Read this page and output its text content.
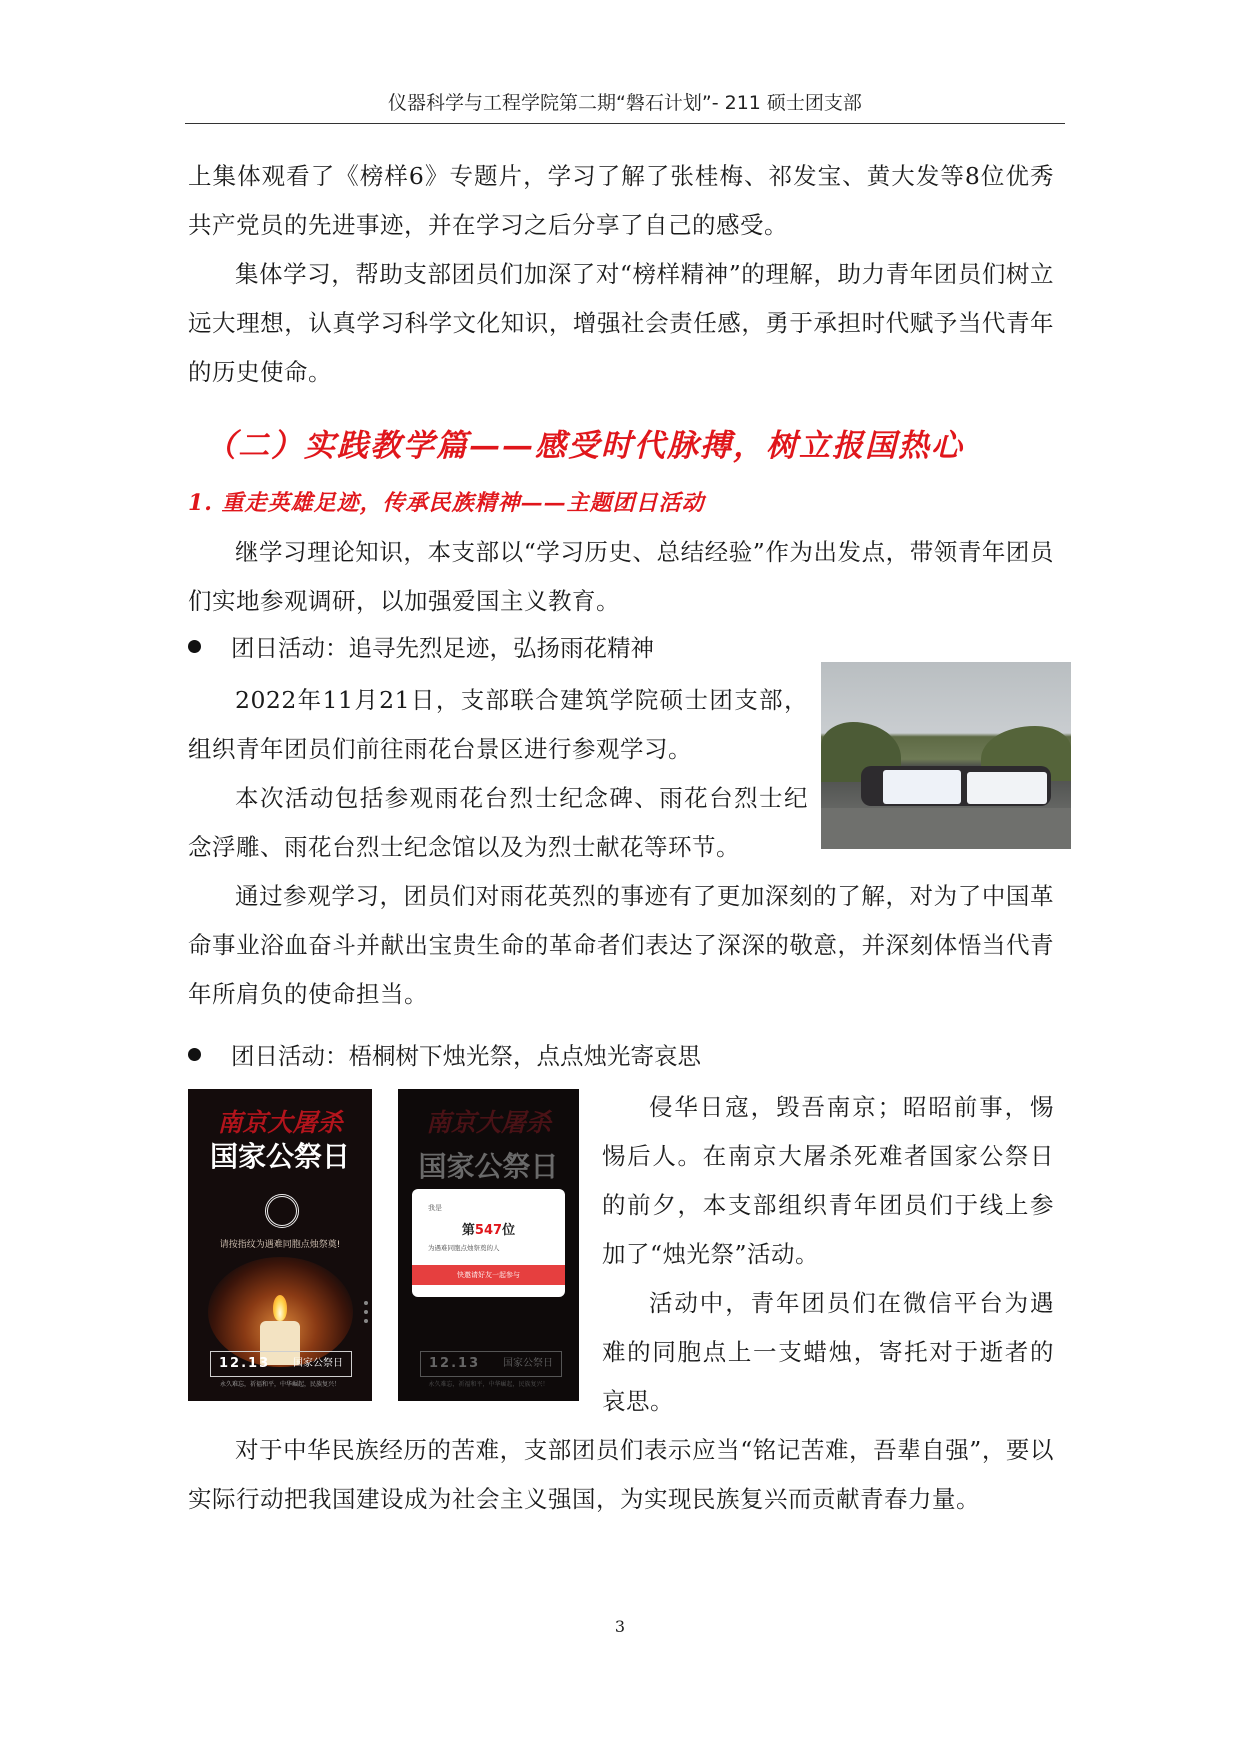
仪器科学与工程学院第二期“磐石计划”- 211 硕士团支部

上集体观看了《榜样6》专题片，学习了解了张桂梅、祁发宝、黄大发等8位优秀共产党员的先进事迹，并在学习之后分享了自己的感受。

集体学习，帮助支部团员们加深了对“榜样精神”的理解，助力青年团员们树立远大理想，认真学习科学文化知识，增强社会责任感，勇于承担时代赋予当代青年的历史使命。

（二）实践教学篇——感受时代脉搏，树立报国热心
1. 重走英雄足迹，传承民族精神——主题团日活动

继学习理论知识，本支部以“学习历史、总结经验”作为出发点，带领青年团员们实地参观调研，以加强爱国主义教育。

团日活动：追寻先烈足迹，弘扬雨花精神

2022年11月21日，支部联合建筑学院硕士团支部，组织青年团员们前往雨花台景区进行参观学习。

本次活动包括参观雨花台烈士纪念碑、雨花台烈士纪念浮雕、雨花台烈士纪念馆以及为烈士献花等环节。

通过参观学习，团员们对雨花英烈的事迹有了更加深刻的了解，对为了中国革命事业浴血奋斗并献出宝贵生命的革命者们表达了深深的敬意，并深刻体悟当代青年所肩负的使命担当。

团日活动：梧桐树下烛光祭，点点烛光寄哀思
南京大屠杀
国家公祭日
请按指纹为遇难同胞点烛祭奠!
12.13 国家公祭日
永久难忘，祈福和平，中华崛起，民族复兴！
南京大屠杀
国家公祭日
我是
第547位
为遇难同胞点烛祭奠的人
快邀请好友一起参与
12.13 国家公祭日
永久难忘，祈福和平，中华崛起，民族复兴！

侵华日寇，毁吾南京；昭昭前事，惕惕后人。在南京大屠杀死难者国家公祭日的前夕，本支部组织青年团员们于线上参加了“烛光祭”活动。

活动中，青年团员们在微信平台为遇难的同胞点上一支蜡烛，寄托对于逝者的哀思。

对于中华民族经历的苦难，支部团员们表示应当“铭记苦难，吾辈自强”，要以实际行动把我国建设成为社会主义强国，为实现民族复兴而贡献青春力量。

3
